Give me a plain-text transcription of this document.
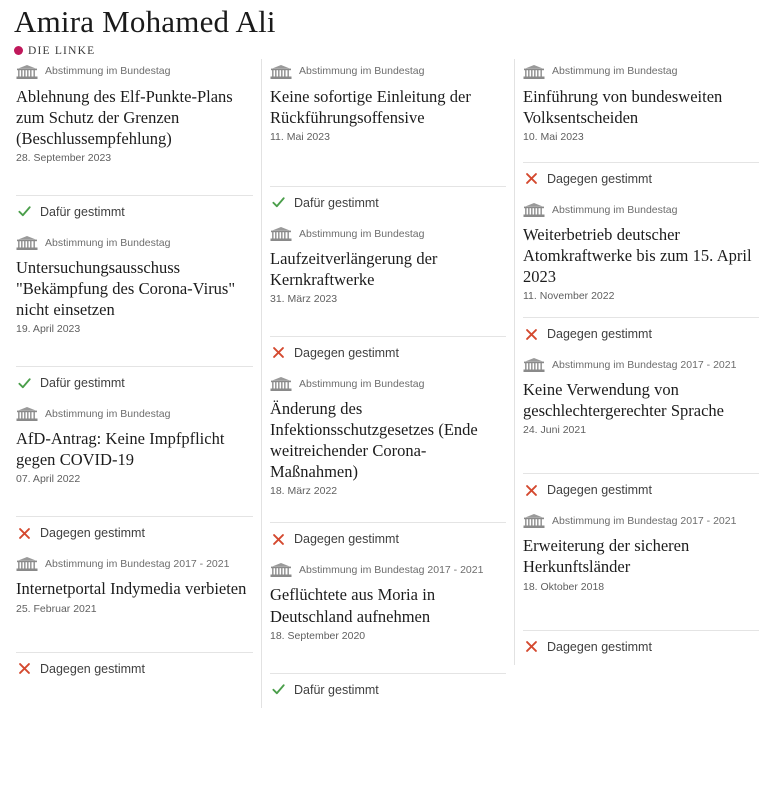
Amira Mohamed Ali
DIE LINKE
Abstimmung im Bundestag
Ablehnung des Elf-Punkte-Plans zum Schutz der Grenzen (Beschlussempfehlung)
28. September 2023
Dafür gestimmt
Abstimmung im Bundestag
Untersuchungsausschuss "Bekämpfung des Corona-Virus" nicht einsetzen
19. April 2023
Dafür gestimmt
Abstimmung im Bundestag
AfD-Antrag: Keine Impfpflicht gegen COVID-19
07. April 2022
Dagegen gestimmt
Abstimmung im Bundestag 2017 - 2021
Internetportal Indymedia verbieten
25. Februar 2021
Dagegen gestimmt
Abstimmung im Bundestag
Keine sofortige Einleitung der Rückführungsoffensive
11. Mai 2023
Dafür gestimmt
Abstimmung im Bundestag
Laufzeitverlängerung der Kernkraftwerke
31. März 2023
Dagegen gestimmt
Abstimmung im Bundestag
Änderung des Infektionsschutzgesetzes (Ende weitreichender Corona-Maßnahmen)
18. März 2022
Dagegen gestimmt
Abstimmung im Bundestag 2017 - 2021
Geflüchtete aus Moria in Deutschland aufnehmen
18. September 2020
Dafür gestimmt
Abstimmung im Bundestag
Einführung von bundesweiten Volksentscheiden
10. Mai 2023
Dagegen gestimmt
Abstimmung im Bundestag
Weiterbetrieb deutscher Atomkraftwerke bis zum 15. April 2023
11. November 2022
Dagegen gestimmt
Abstimmung im Bundestag 2017 - 2021
Keine Verwendung von geschlechtergerechter Sprache
24. Juni 2021
Dagegen gestimmt
Abstimmung im Bundestag 2017 - 2021
Erweiterung der sicheren Herkunftsländer
18. Oktober 2018
Dagegen gestimmt
